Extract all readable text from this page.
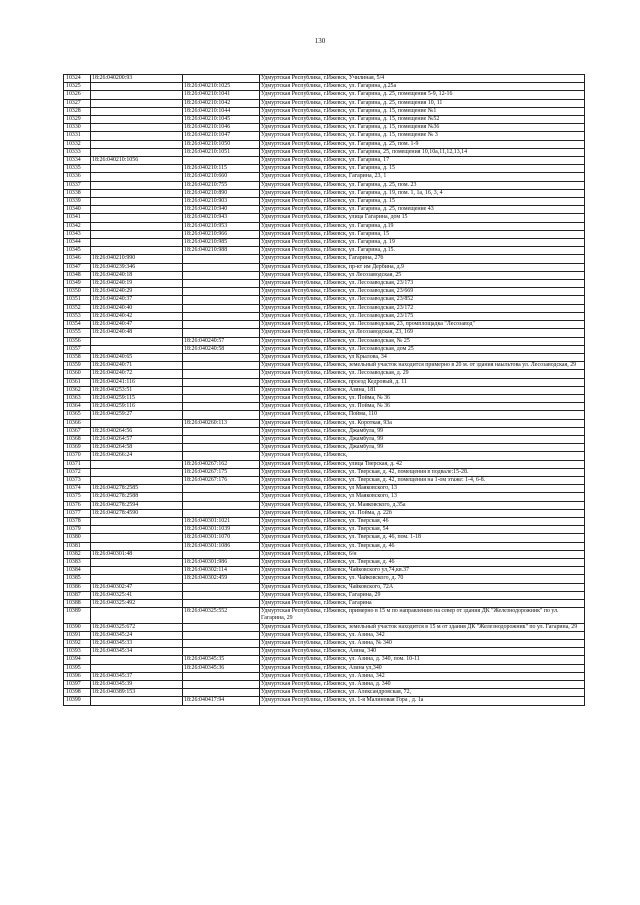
130
10324	18:26:040200:93		Удмуртская Республика, г.Ижевск, Училиная, 5/4
10325		18:26:040210:1025	Удмуртская Республика, г.Ижевск, ул. Гагарина, д.25а
10326		18:26:040210:1041	Удмуртская Республика, г.Ижевск, ул. Гагарина, д. 25, помещения 5-9, 12-16
10327		18:26:040210:1042	Удмуртская Республика, г.Ижевск, ул. Гагарина, д. 25, помещения 10, 11
10328		18:26:040210:1044	Удмуртская Республика, г.Ижевск, ул. Гагарина, д. 15, помещение №1
10329		18:26:040210:1045	Удмуртская Республика, г.Ижевск, ул. Гагарина, д. 15, помещение №52
10330		18:26:040210:1046	Удмуртская Республика, г.Ижевск, ул. Гагарина, д. 15, помещения №36
10331		18:26:040210:1047	Удмуртская Республика, г.Ижевск, ул. Гагарина, д. 15, помещение № 3
10332		18:26:040210:1050	Удмуртская Республика, г.Ижевск, ул. Гагарина, д. 25, пом. 1-9
10333		18:26:040210:1051	Удмуртская Республика, г.Ижевск, ул. Гагарина, 25, помещения 10,10а,11,12,13,14
10334	18:26:040210:1056		Удмуртская Республика, г.Ижевск, ул. Гагарина, 17
10335		18:26:040210:115	Удмуртская Республика, г.Ижевск, ул. Гагарина, д. 15
10336		18:26:040210:660	Удмуртская Республика, г.Ижевск, Гагарина, 23, 1
10337		18:26:040210:755	Удмуртская Республика, г.Ижевск, ул. Гагарина, д. 25, пом. 23
10338		18:26:040210:890	Удмуртская Республика, г.Ижевск, ул. Гагарина, д. 19, пом. 1, 1а, 16, 3, 4
10339		18:26:040210:903	Удмуртская Республика, г.Ижевск, ул. Гагарина, д. 15
10340		18:26:040210:940	Удмуртская Республика, г.Ижевск, ул. Гагарина, д. 25, помещение 43
10341		18:26:040210:943	Удмуртская Республика, г.Ижевск, улица Гагарина, дом 15
10342		18:26:040210:953	Удмуртская Республика, г.Ижевск, ул. Гагарина, д.19
10343		18:26:040210:966	Удмуртская Республика, г.Ижевск, ул. Гагарина, 15
10344		18:26:040210:985	Удмуртская Республика, г.Ижевск, ул. Гагарина, д. 19
10345		18:26:040210:988	Удмуртская Республика, г.Ижевск, ул. Гагарина, д.15.
10346	18:26:040210:990		Удмуртская Республика, г.Ижевск, Гагарина, 27б
10347	18:26:040239:346		Удмуртская Республика, г.Ижевск, пр-кт им Дербина, д.9
10348	18:26:040240:18		Удмуртская Республика, г.Ижевск, ул Лесозаводская, 25
10349	18:26:040240:19		Удмуртская Республика, г.Ижевск, ул. Лесозаводская, 23/173
10350	18:26:040240:29		Удмуртская Республика, г.Ижевск, ул. Лесозаводская, 23/669
10351	18:26:040240:37		Удмуртская Республика, г.Ижевск, ул. Лесозаводская, 23/852
10352	18:26:040240:40		Удмуртская Республика, г.Ижевск, ул. Лесозаводская, 23/172
10353	18:26:040240:42		Удмуртская Республика, г.Ижевск, ул. Лесозаводская, 23/175
10354	18:26:040240:47		Удмуртская Республика, г.Ижевск, ул. Лесозаводская, 23, промплощадка "Лесозавод"
10355	18:26:040240:48		Удмуртская Республика, г.Ижевск, ул Лесозаводская, 23, 169
10356		18:26:040240:57	Удмуртская Республика, г.Ижевск, ул. Лесозаводская, № 25
10357		18:26:040240:58	Удмуртская Республика, г.Ижевск, ул. Лесозаводская, дом 25
10358	18:26:040240:65		Удмуртская Республика, г.Ижевск, ул Крылова, 34
10359	18:26:040240:71		Удмуртская Республика, г.Ижевск, земельный участок находится примерно в 20 м. от здания наыльтова ул. Лесозаводская, 29
10360	18:26:040240:72		Удмуртская Республика, г.Ижевск, ул. Лесозаводская, д. 29
10361	18:26:040241:116		Удмуртская Республика, г.Ижевск, проезд Кедровый, д. 11
10362	18:26:040253:51		Удмуртская Республика, г.Ижевск, Азина, 181
10363	18:26:040259:115		Удмуртская Республика, г.Ижевск, ул. Пойма, № 36
10364	18:26:040259:116		Удмуртская Республика, г.Ижевск, ул. Пойма, № 36
10365	18:26:040259:27		Удмуртская Республика, г.Ижевск, Пойма, 110
10366		18:26:040260:113	Удмуртская Республика, г.Ижевск, ул. Короткая, 93а
10367	18:26:040264:56		Удмуртская Республика, г.Ижевск, Джамбула, 99
10368	18:26:040264:57		Удмуртская Республика, г.Ижевск, Джамбула, 99
10369	18:26:040264:58		Удмуртская Республика, г.Ижевск, Джамбула, 99
10370	18:26:040266:24		Удмуртская Республика, г.Ижевск,
10371		18:26:040267:162	Удмуртская Республика, г.Ижевск, улица Тверская, д. 42
10372		18:26:040267:175	Удмуртская Республика, г.Ижевск, ул. Тверская, д. 42, помещения в подвале:15-28.
10373		18:26:040267:176	Удмуртская Республика, г.Ижевск, ул. Тверская, д. 42, помещения на 1-ом этаже: 1-4, 6-8.
10374	18:26:040278:2585		Удмуртская Республика, г.Ижевск, ул Маяковского, 13
10375	18:26:040278:2588		Удмуртская Республика, г.Ижевск, ул Маяковского, 13
10376	18:26:040278:2594		Удмуртская Республика, г.Ижевск, ул. Маяковского, д.35а
10377	18:26:040278:4590		Удмуртская Республика, г.Ижевск, ул. Пойма, д. 22б
10378		18:26:040301:1021	Удмуртская Республика, г.Ижевск, ул. Тверская, 46
10379		18:26:040301:1039	Удмуртская Республика, г.Ижевск, ул. Тверская, 54
10380		18:26:040301:1070	Удмуртская Республика, г.Ижевск, ул. Тверская, д. 46, пом. 1-18
10381		18:26:040301:1086	Удмуртская Республика, г.Ижевск, ул. Тверская, д. 46
10382	18:26:040301:48		Удмуртская Республика, г.Ижевск, 6/н
10383		18:26:040301:986	Удмуртская Республика, г.Ижевск, ул. Тверская, д. 46
10384		18:26:040302:114	Удмуртская Республика, г.Ижевск, Чайковского ул,74,кв.37
10385		18:26:040302:459	Удмуртская Республика, г.Ижевск, ул. Чайковского, д. 70
10386	18:26:040302:47		Удмуртская Республика, г.Ижевск, Чайковского, 72А
10387	18:26:040325:41		Удмуртская Республика, г.Ижевск, Гагарина, 29
10388	18:26:040325:492		Удмуртская Республика, г.Ижевск, Гагарина
10389		18:26:040325:552	Удмуртская Республика, г.Ижевск, примерно в 15 м по направлению на север от здания ДК "Железнодорожник" по ул. Гагарина, 29
10390	18:26:040325:672		Удмуртская Республика, г.Ижевск, земельный участок находится в 15 м от здания ДК "Железнодорожник" по ул. Гагарина, 29
10391	18:26:040345:24		Удмуртская Республика, г.Ижевск, ул. Азина, 342
10392	18:26:040345:33		Удмуртская Республика, г.Ижевск, ул. Азина, № 340
10393	18:26:040345:34		Удмуртская Республика, г.Ижевск, Азина, 340
10394		18:26:040345:35	Удмуртская Республика, г.Ижевск, ул. Азина, д. 340, пом. 10-11
10395		18:26:040345:36	Удмуртская Республика, г.Ижевск, Азина ул,340
10396	18:26:040345:37		Удмуртская Республика, г.Ижевск, ул. Азина, 342
10397	18:26:040345:39		Удмуртская Республика, г.Ижевск, ул. Азина, д. 340
10398	18:26:040389:153		Удмуртская Республика, г.Ижевск, ул. Александровская, 72,
10399		18:26:040417:94	Удмуртская Республика, г.Ижевск, ул. 1-я Малиновая Гора , д. 1а
